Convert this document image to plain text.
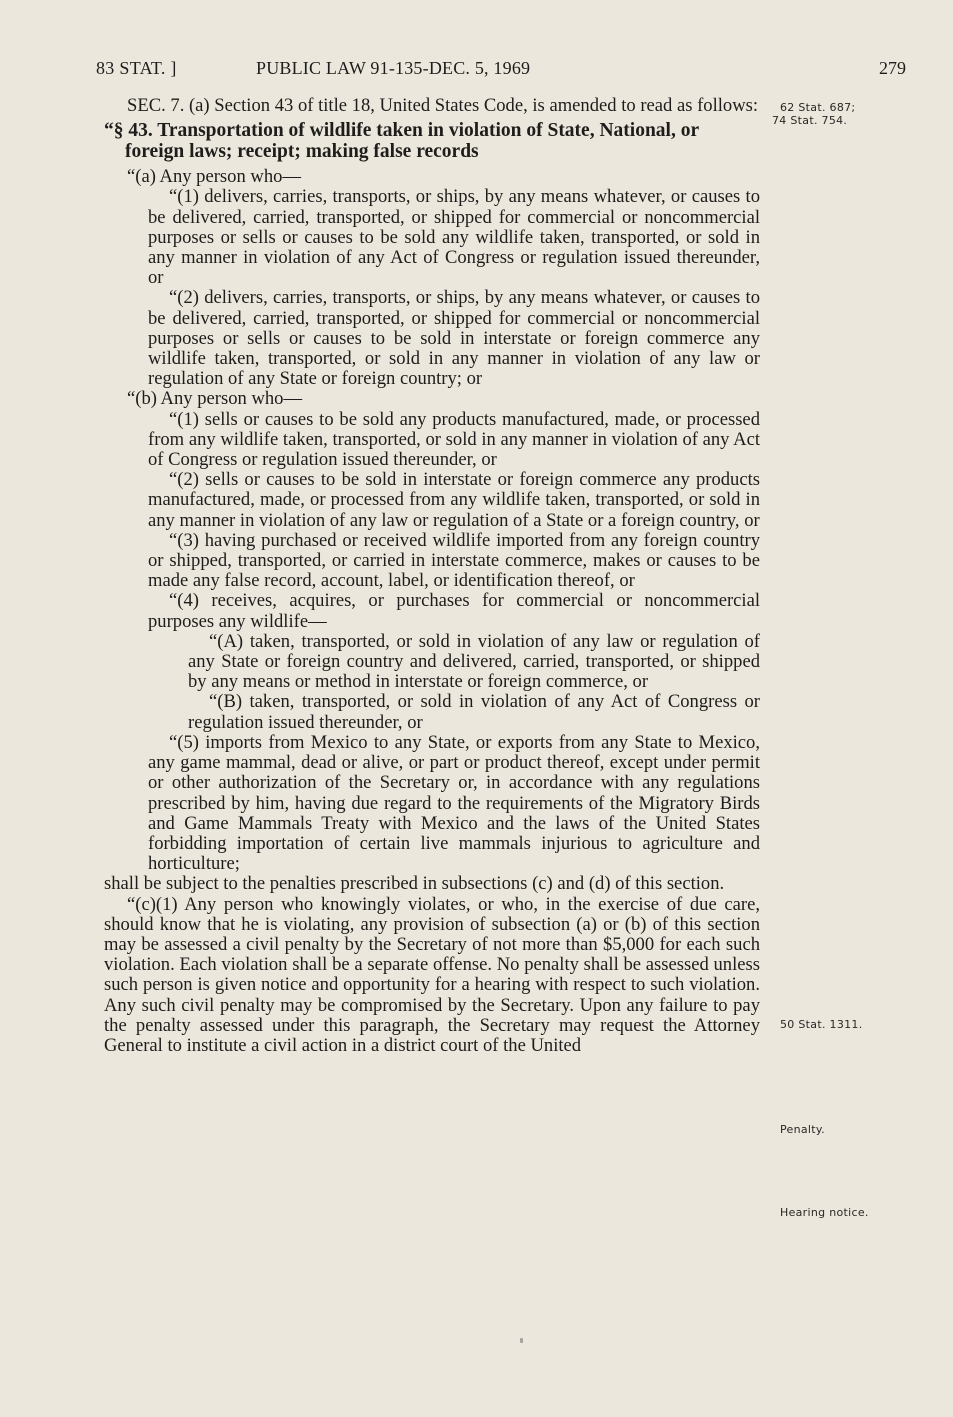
83 STAT. ]	PUBLIC LAW 91-135-DEC. 5, 1969	279

SEC. 7. (a) Section 43 of title 18, United States Code, is amended to read as follows:

“§ 43. Transportation of wildlife taken in violation of State, National, or foreign laws; receipt; making false records

“(a) Any person who—

“(1) delivers, carries, transports, or ships, by any means whatever, or causes to be delivered, carried, transported, or shipped for commercial or noncommercial purposes or sells or causes to be sold any wildlife taken, transported, or sold in any manner in violation of any Act of Congress or regulation issued thereunder, or

“(2) delivers, carries, transports, or ships, by any means whatever, or causes to be delivered, carried, transported, or shipped for commercial or noncommercial purposes or sells or causes to be sold in interstate or foreign commerce any wildlife taken, transported, or sold in any manner in violation of any law or regulation of any State or foreign country; or

“(b) Any person who—

“(1) sells or causes to be sold any products manufactured, made, or processed from any wildlife taken, transported, or sold in any manner in violation of any Act of Congress or regulation issued thereunder, or

“(2) sells or causes to be sold in interstate or foreign commerce any products manufactured, made, or processed from any wildlife taken, transported, or sold in any manner in violation of any law or regulation of a State or a foreign country, or

“(3) having purchased or received wildlife imported from any foreign country or shipped, transported, or carried in interstate commerce, makes or causes to be made any false record, account, label, or identification thereof, or

“(4) receives, acquires, or purchases for commercial or noncommercial purposes any wildlife—

“(A) taken, transported, or sold in violation of any law or regulation of any State or foreign country and delivered, carried, transported, or shipped by any means or method in interstate or foreign commerce, or

“(B) taken, transported, or sold in violation of any Act of Congress or regulation issued thereunder, or

“(5) imports from Mexico to any State, or exports from any State to Mexico, any game mammal, dead or alive, or part or product thereof, except under permit or other authorization of the Secretary or, in accordance with any regulations prescribed by him, having due regard to the requirements of the Migratory Birds and Game Mammals Treaty with Mexico and the laws of the United States forbidding importation of certain live mammals injurious to agriculture and horticulture;

shall be subject to the penalties prescribed in subsections (c) and (d) of this section.

“(c)(1) Any person who knowingly violates, or who, in the exercise of due care, should know that he is violating, any provision of subsection (a) or (b) of this section may be assessed a civil penalty by the Secretary of not more than $5,000 for each such violation. Each violation shall be a separate offense. No penalty shall be assessed unless such person is given notice and opportunity for a hearing with respect to such violation. Any such civil penalty may be compromised by the Secretary. Upon any failure to pay the penalty assessed under this paragraph, the Secretary may request the Attorney General to institute a civil action in a district court of the United

62 Stat. 687;
74 Stat. 754.
50 Stat. 1311.
Penalty.
Hearing notice.
